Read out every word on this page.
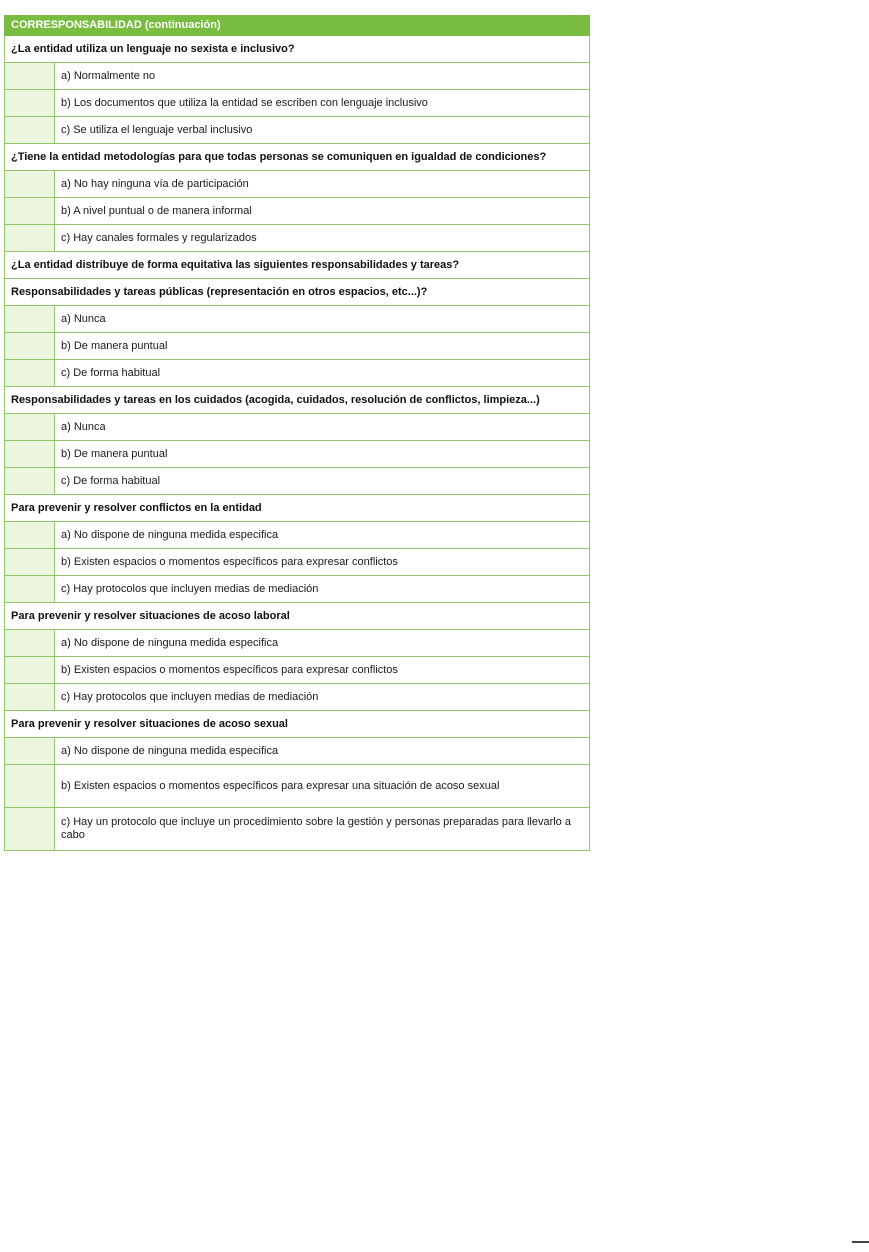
CORRESPONSABILIDAD (continuación)	
¿La entidad utiliza un lenguaje no sexista e inclusivo?	
	a) Normalmente no
	b) Los documentos que utiliza la entidad se escriben con lenguaje inclusivo
	c) Se utiliza el lenguaje verbal inclusivo
¿Tiene la entidad metodologías para que todas personas se comuniquen en igualdad de condiciones?	
	a) No hay ninguna vía de participación
	b) A nivel puntual o de manera informal
	c) Hay canales formales y regularizados
¿La entidad distribuye de forma equitativa las siguientes responsabilidades y tareas?	
Responsabilidades y tareas públicas (representación en otros espacios, etc...)?	
	a) Nunca
	b) De manera puntual
	c) De forma habitual
Responsabilidades y tareas en los cuidados (acogida, cuidados, resolución de conflictos, limpieza...)	
	a) Nunca
	b) De manera puntual
	c) De forma habitual
Para prevenir y resolver conflictos en la entidad	
	a) No dispone de ninguna medida especifica
	b) Existen espacios o momentos específicos para expresar conflictos
	c) Hay protocolos que incluyen medias de mediación
Para prevenir y resolver situaciones de acoso laboral	
	a) No dispone de ninguna medida especifica
	b) Existen espacios o momentos específicos para expresar conflictos
	c) Hay protocolos que incluyen medias de mediación
Para prevenir y resolver situaciones de acoso sexual	
	a) No dispone de ninguna medida especifica
	b) Existen espacios o momentos específicos para expresar una situación de acoso sexual
	c) Hay un protocolo que incluye un procedimiento sobre la gestión y personas preparadas para llevarlo a cabo
